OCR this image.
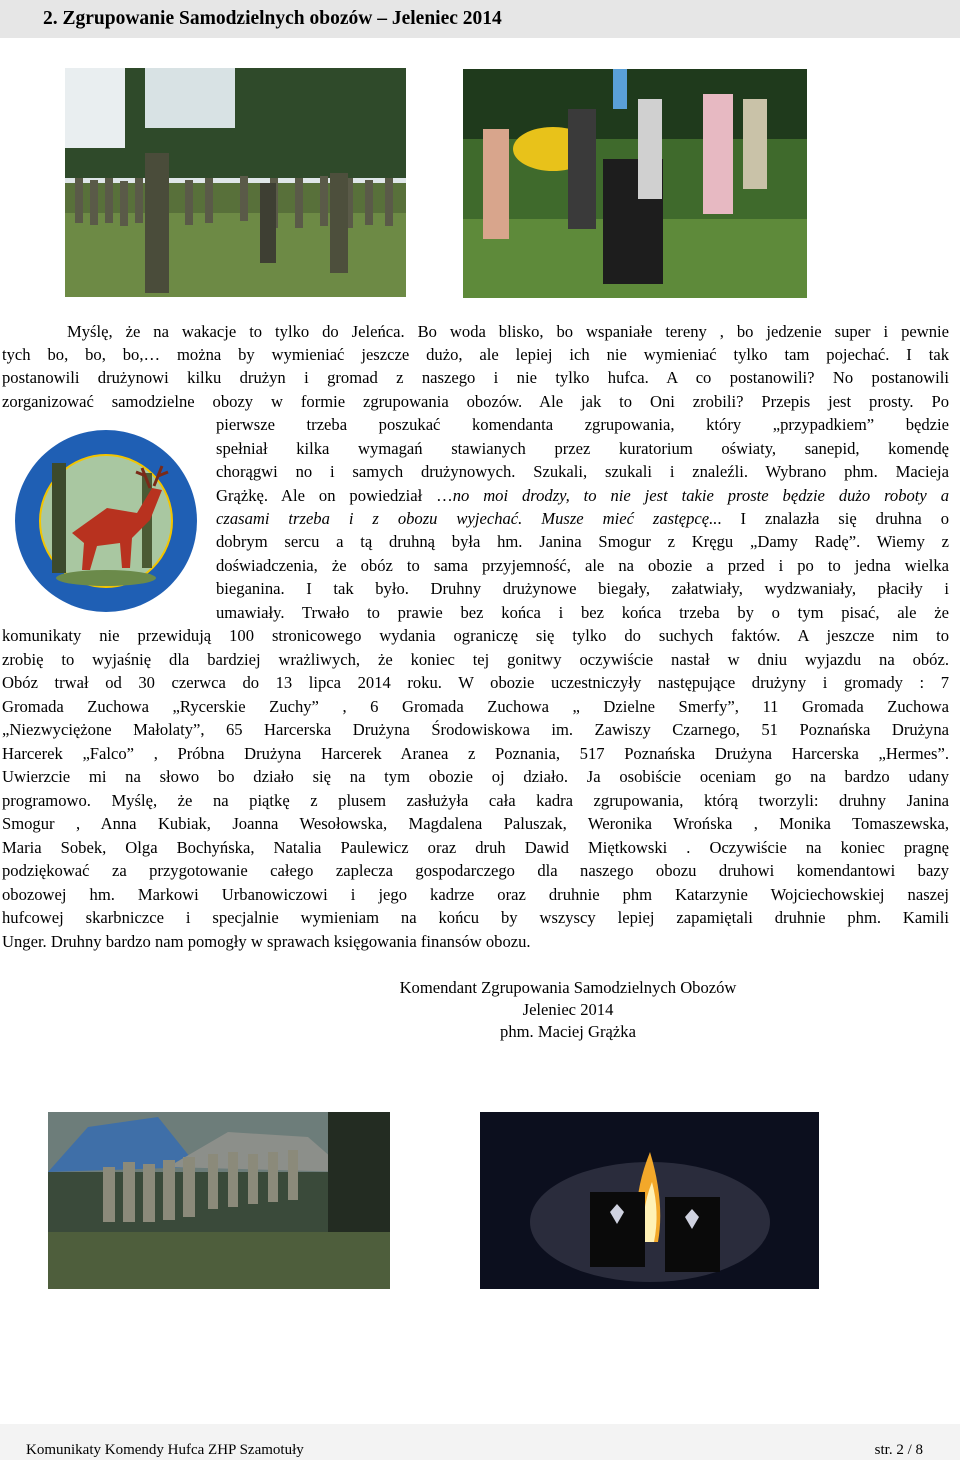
2. Zgrupowanie Samodzielnych obozów – Jeleniec 2014
Myślę, że na wakacje to tylko do Jeleńca. Bo woda blisko, bo wspaniałe tereny , bo jedzenie super i pewnie
tych bo, bo, bo,… można by wymieniać jeszcze dużo, ale lepiej ich nie wymieniać tylko tam pojechać. I tak
postanowili drużynowi kilku drużyn i gromad z naszego i nie tylko hufca. A co postanowili? No postanowili
zorganizować samodzielne obozy w formie zgrupowania obozów. Ale jak to Oni zrobili? Przepis jest prosty. Po
pierwsze trzeba poszukać komendanta zgrupowania, który „przypadkiem” będzie
spełniał kilka wymagań stawianych przez kuratorium oświaty, sanepid, komendę
chorągwi no i samych drużynowych. Szukali, szukali i znaleźli. Wybrano phm. Macieja
Grążkę. Ale on powiedział …no moi drodzy, to nie jest takie proste będzie dużo roboty a
czasami trzeba i z obozu wyjechać. Musze mieć zastępcę... I znalazła się druhna o
dobrym sercu a tą druhną była hm. Janina Smogur z Kręgu „Damy Radę”. Wiemy z
doświadczenia, że obóz to sama przyjemność, ale na obozie a przed i po to jedna wielka
bieganina. I tak było. Druhny drużynowe biegały, załatwiały, wydzwaniały, płaciły i
umawiały. Trwało to prawie bez końca i bez końca trzeba by o tym pisać, ale że
komunikaty nie przewidują 100 stronicowego wydania ograniczę się tylko do suchych faktów. A jeszcze nim to
zrobię to wyjaśnię dla bardziej wrażliwych, że koniec tej gonitwy oczywiście nastał w dniu wyjazdu na obóz.
Obóz trwał od 30 czerwca do 13 lipca 2014 roku. W obozie uczestniczyły następujące drużyny i gromady : 7
Gromada Zuchowa „Rycerskie Zuchy” , 6 Gromada Zuchowa „ Dzielne Smerfy”, 11 Gromada Zuchowa
„Niezwyciężone Małolaty”, 65 Harcerska Drużyna Środowiskowa im. Zawiszy Czarnego, 51 Poznańska Drużyna
Harcerek „Falco” , Próbna Drużyna Harcerek Aranea z Poznania, 517 Poznańska Drużyna Harcerska „Hermes”.
Uwierzcie mi na słowo bo działo się na tym obozie oj działo. Ja osobiście oceniam go na bardzo udany
programowo. Myślę, że na piątkę z plusem zasłużyła cała kadra zgrupowania, którą tworzyli: druhny Janina
Smogur , Anna Kubiak, Joanna Wesołowska, Magdalena Paluszak, Weronika Wrońska , Monika Tomaszewska,
Maria Sobek, Olga Bochyńska, Natalia Paulewicz oraz druh Dawid Miętkowski . Oczywiście na koniec pragnę
podziękować za przygotowanie całego zaplecza gospodarczego dla naszego obozu druhowi komendantowi bazy
obozowej hm. Markowi Urbanowiczowi i jego kadrze oraz druhnie phm Katarzynie Wojciechowskiej naszej
hufcowej skarbniczce i specjalnie wymieniam na końcu by wszyscy lepiej zapamiętali druhnie phm. Kamili
Unger. Druhny bardzo nam pomogły w sprawach księgowania finansów obozu.
Komendant Zgrupowania Samodzielnych Obozów
Jeleniec 2014
phm. Maciej Grążka
Komunikaty Komendy Hufca ZHP Szamotuły	str. 2 / 8
